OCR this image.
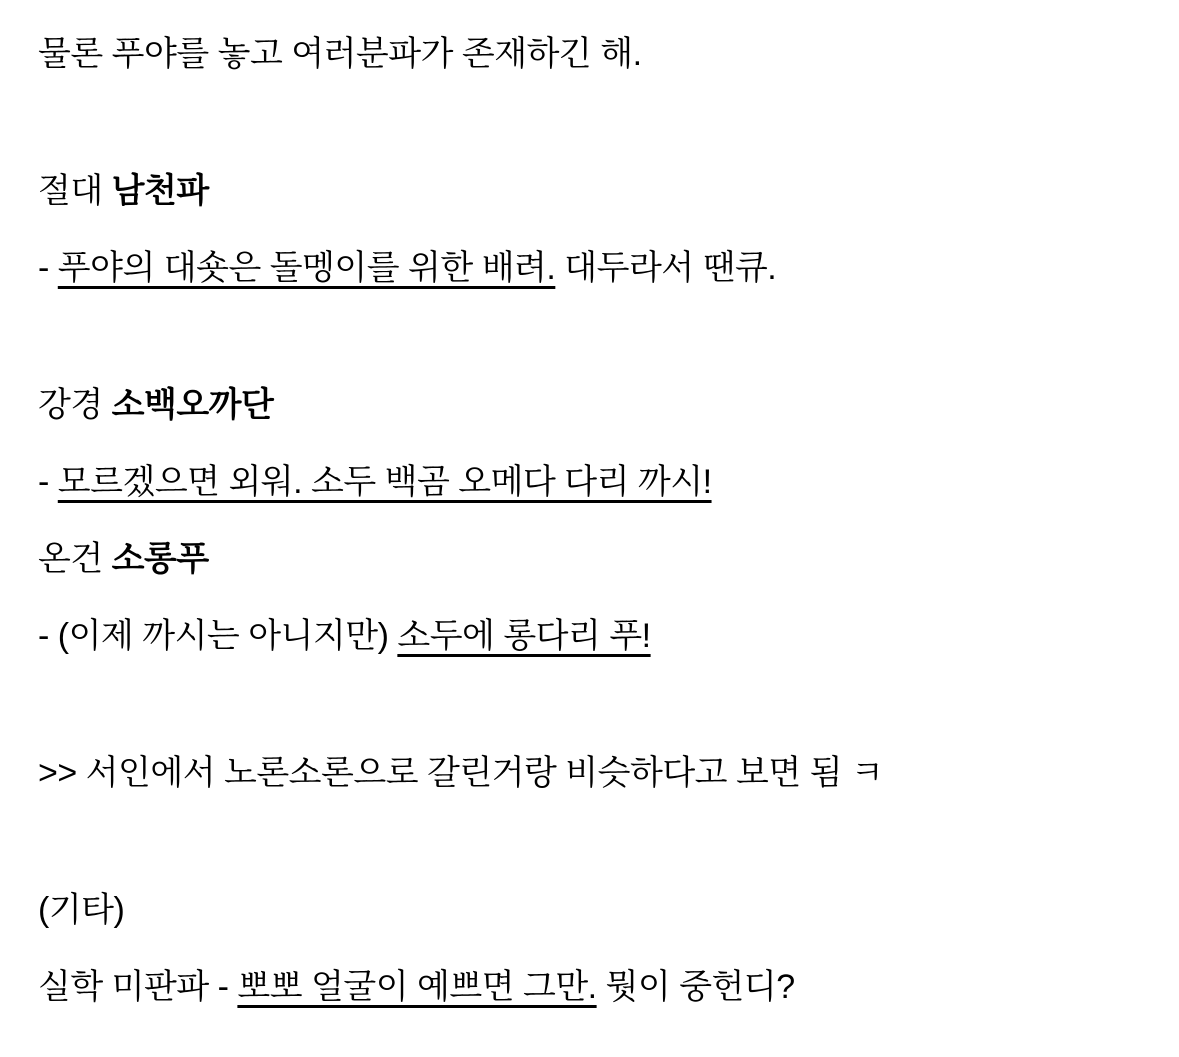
물론 푸야를 놓고 여러분파가 존재하긴 해.
절대 남천파
- 푸야의 대숏은 돌멩이를 위한 배려. 대두라서 땐큐.
강경 소백오까단
- 모르겠으면 외워. 소두 백곰 오메다 다리 까시!
온건 소롱푸
- (이제 까시는 아니지만) 소두에 롱다리 푸!
>> 서인에서 노론소론으로 갈린거랑 비슷하다고 보면 됨 ㅋ
(기타)
실학 미판파 - 뽀뽀 얼굴이 예쁘면 그만. 뭣이 중헌디?
